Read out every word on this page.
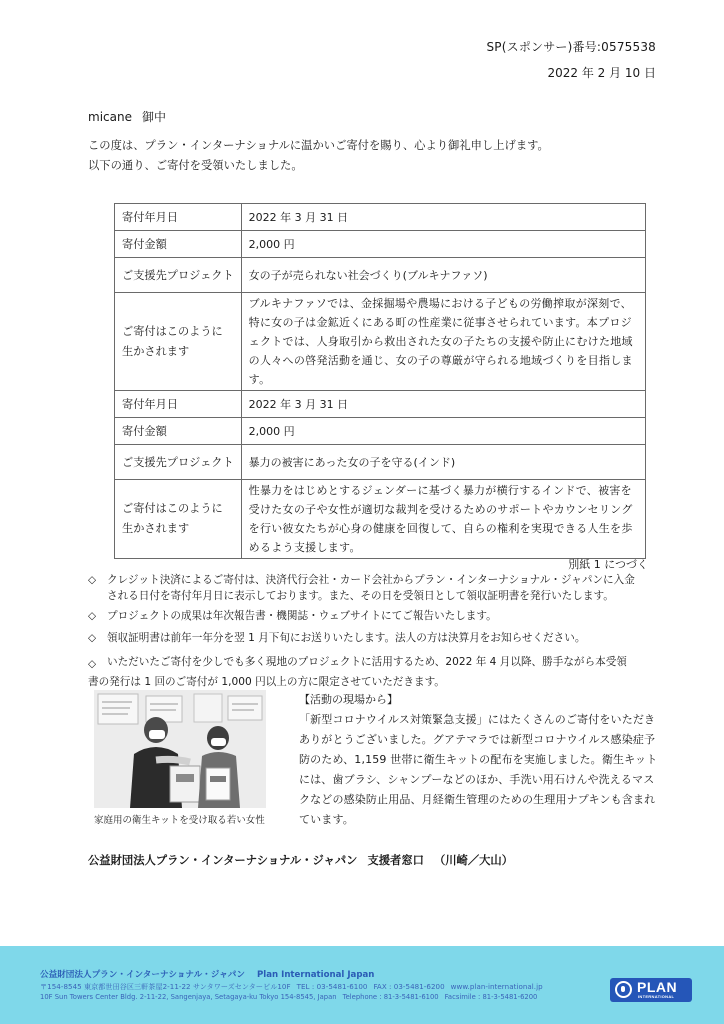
SP(スポンサー)番号:0575538
2022 年 2 月 10 日
micane 御中
この度は、プラン・インターナショナルに温かいご寄付を賜り、心より御礼申し上げます。
以下の通り、ご寄付を受領いたしました。
寄付年月日	2022 年 3 月 31 日
寄付金額	2,000 円
ご支援先プロジェクト	女の子が売られない社会づくり(ブルキナファソ)

ご寄付はこのように
生かされます	ブルキナファソでは、金採掘場や農場における子どもの労働搾取が深刻で、特に女の子は金鉱近くにある町の性産業に従事させられています。本プロジェクトでは、人身取引から救出された女の子たちの支援や防止にむけた地域の人々への啓発活動を通じ、女の子の尊厳が守られる地域づくりを目指します。
寄付年月日	2022 年 3 月 31 日
寄付金額	2,000 円
ご支援先プロジェクト	暴力の被害にあった女の子を守る(インド)

ご寄付はこのように
生かされます	性暴力をはじめとするジェンダーに基づく暴力が横行するインドで、被害を受けた女の子や女性が適切な裁判を受けるためのサポートやカウンセリングを行い彼女たちが心身の健康を回復して、自らの権利を実現できる人生を歩めるよう支援します。
別紙 1 につづく
◇ クレジット決済によるご寄付は、決済代行会社・カード会社からプラン・インターナショナル・ジャパンに入金
される日付を寄付年月日に表示しております。また、その日を受領日として領収証明書を発行いたします。
◇ プロジェクトの成果は年次報告書・機関誌・ウェブサイトにてご報告いたします。
◇ 領収証明書は前年一年分を翌 1 月下旬にお送りいたします。法人の方は決算月をお知らせください。
◇ いただいたご寄付を少しでも多く現地のプロジェクトに活用するため、2022 年 4 月以降、勝手ながら本受領
書の発行は 1 回のご寄付が 1,000 円以上の方に限定させていただきます。
家庭用の衛生キットを受け取る若い女性
【活動の現場から】
「新型コロナウイルス対策緊急支援」にはたくさんのご寄付をいただきありがとうございました。グアテマラでは新型コロナウイルス感染症予防のため、1,159 世帯に衛生キットの配布を実施しました。衛生キットには、歯ブラシ、シャンプーなどのほか、手洗い用石けんや洗えるマスクなどの感染防止用品、月経衛生管理のための生理用ナプキンも含まれています。
公益財団法人プラン・インターナショナル・ジャパン 支援者窓口 （川崎／大山）
公益財団法人プラン・インターナショナル・ジャパン Plan International Japan
〒154-8545 東京都世田谷区三軒茶屋2-11-22 サンタワーズセンタービル10F TEL : 03-5481-6100 FAX : 03-5481-6200 www.plan-international.jp
10F Sun Towers Center Bldg. 2-11-22, Sangenjaya, Setagaya-ku Tokyo 154-8545, Japan Telephone : 81-3-5481-6100 Facsimile : 81-3-5481-6200
PLAN
INTERNATIONAL
